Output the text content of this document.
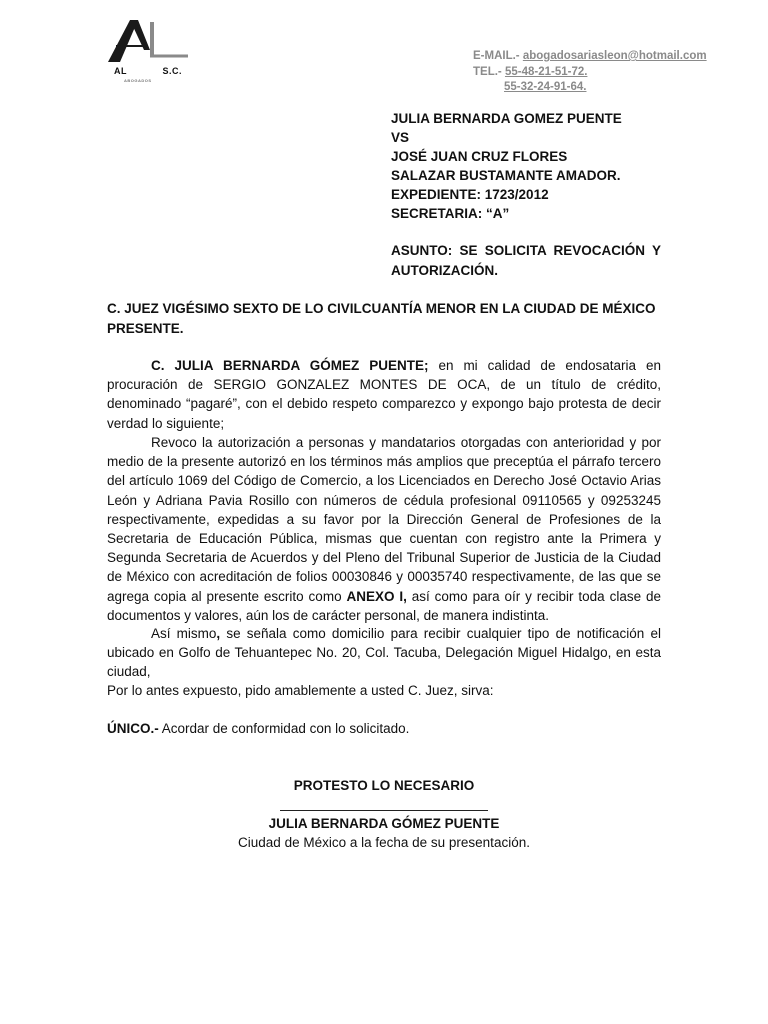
AL	S.C.
ABOGADOS
E-MAIL.- abogadosariasleon@hotmail.com
TEL.- 55-48-21-51-72.
55-32-24-91-64.
JULIA BERNARDA GOMEZ PUENTE
VS
JOSÉ JUAN CRUZ FLORES
SALAZAR BUSTAMANTE AMADOR.
EXPEDIENTE: 1723/2012
SECRETARIA: “A”
ASUNTO: SE SOLICITA REVOCACIÓN Y AUTORIZACIÓN.
C. JUEZ VIGÉSIMO SEXTO DE LO CIVILCUANTÍA MENOR EN LA CIUDAD DE MÉXICO
PRESENTE.
C. JULIA BERNARDA GÓMEZ PUENTE; en mi calidad de endosataria en procuración de SERGIO GONZALEZ MONTES DE OCA, de un título de crédito, denominado “pagaré”, con el debido respeto comparezco y expongo bajo protesta de decir verdad lo siguiente;
Revoco la autorización a personas y mandatarios otorgadas con anterioridad y por medio de la presente autorizó en los términos más amplios que preceptúa el párrafo tercero del artículo 1069 del Código de Comercio, a los Licenciados en Derecho José Octavio Arias León y Adriana Pavia Rosillo con números de cédula profesional 09110565 y 09253245 respectivamente, expedidas a su favor por la Dirección General de Profesiones de la Secretaria de Educación Pública, mismas que cuentan con registro ante la Primera y Segunda Secretaria de Acuerdos y del Pleno del Tribunal Superior de Justicia de la Ciudad de México con acreditación de folios 00030846 y 00035740 respectivamente, de las que se agrega copia al presente escrito como ANEXO I, así como para oír y recibir toda clase de documentos y valores, aún los de carácter personal, de manera indistinta.
Así mismo, se señala como domicilio para recibir cualquier tipo de notificación el ubicado en Golfo de Tehuantepec No. 20, Col. Tacuba, Delegación Miguel Hidalgo, en esta ciudad,
Por lo antes expuesto, pido amablemente a usted C. Juez, sirva:
ÚNICO.- Acordar de conformidad con lo solicitado.
PROTESTO LO NECESARIO
JULIA BERNARDA GÓMEZ PUENTE
Ciudad de México a la fecha de su presentación.
